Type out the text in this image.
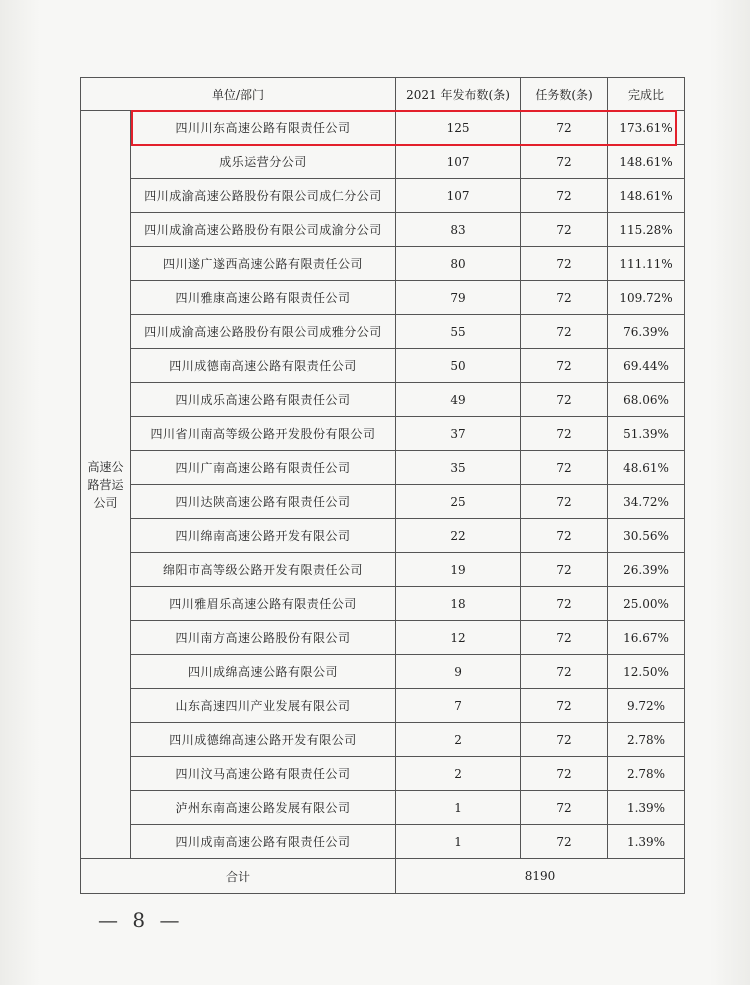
单位/部门		2021 年发布数(条)	任务数(条)	完成比

高速公
路营运
公司	四川川东高速公路有限责任公司	125	72	173.61%
	成乐运营分公司	107	72	148.61%
	四川成渝高速公路股份有限公司成仁分公司	107	72	148.61%
	四川成渝高速公路股份有限公司成渝分公司	83	72	115.28%
	四川遂广遂西高速公路有限责任公司	80	72	111.11%
	四川雅康高速公路有限责任公司	79	72	109.72%
	四川成渝高速公路股份有限公司成雅分公司	55	72	76.39%
	四川成德南高速公路有限责任公司	50	72	69.44%
	四川成乐高速公路有限责任公司	49	72	68.06%
	四川省川南高等级公路开发股份有限公司	37	72	51.39%
	四川广南高速公路有限责任公司	35	72	48.61%
	四川达陕高速公路有限责任公司	25	72	34.72%
	四川绵南高速公路开发有限公司	22	72	30.56%
	绵阳市高等级公路开发有限责任公司	19	72	26.39%
	四川雅眉乐高速公路有限责任公司	18	72	25.00%
	四川南方高速公路股份有限公司	12	72	16.67%
	四川成绵高速公路有限公司	9	72	12.50%
	山东高速四川产业发展有限公司	7	72	9.72%
	四川成德绵高速公路开发有限公司	2	72	2.78%
	四川汶马高速公路有限责任公司	2	72	2.78%
	泸州东南高速公路发展有限公司	1	72	1.39%
	四川成南高速公路有限责任公司	1	72	1.39%
合计		8190		
— 8 —
